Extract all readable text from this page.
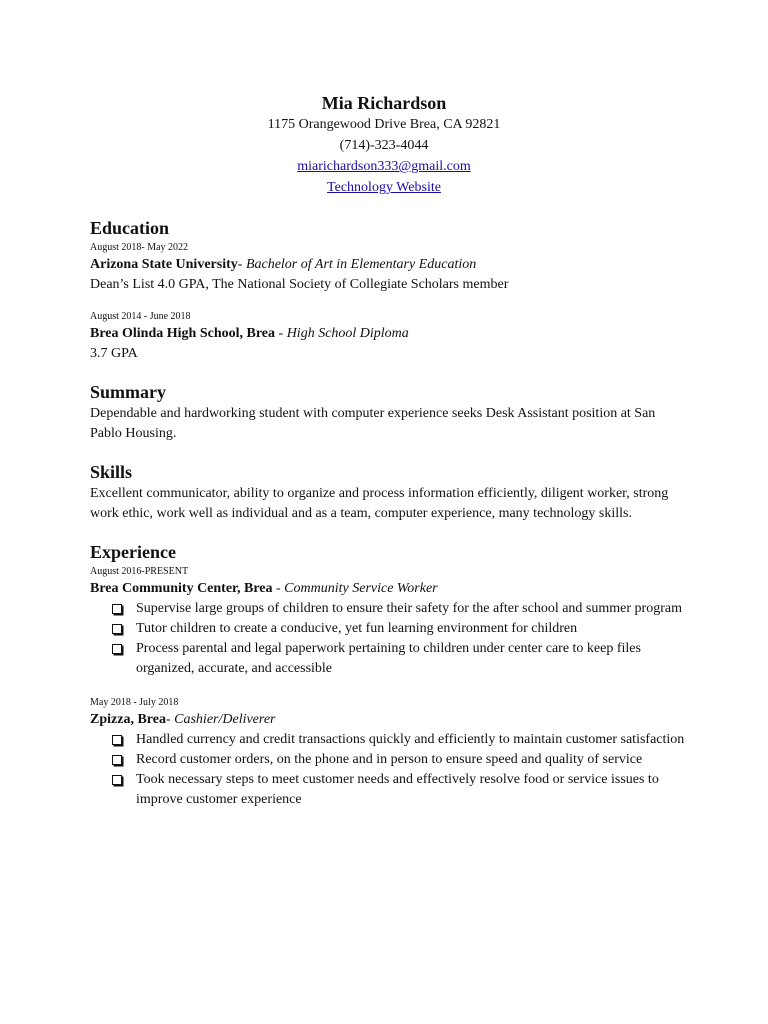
Mia Richardson
1175 Orangewood Drive Brea, CA 92821
(714)-323-4044
miarichardson333@gmail.com
Technology Website
Education
August 2018- May 2022
Arizona State University- Bachelor of Art in Elementary Education
Dean’s List 4.0 GPA, The National Society of Collegiate Scholars member
August 2014 - June 2018
Brea Olinda High School, Brea - High School Diploma
3.7 GPA
Summary
Dependable and hardworking student with computer experience seeks Desk Assistant position at San Pablo Housing.
Skills
Excellent communicator, ability to organize and process information efficiently, diligent worker, strong work ethic, work well as individual and as a team, computer experience, many technology skills.
Experience
August 2016-PRESENT
Brea Community Center, Brea - Community Service Worker
Supervise large groups of children to ensure their safety for the after school and summer program
Tutor children to create a conducive, yet fun learning environment for children
Process parental and legal paperwork pertaining to children under center care to keep files organized, accurate, and accessible
May 2018 - July 2018
Zpizza, Brea- Cashier/Deliverer
Handled currency and credit transactions quickly and efficiently to maintain customer satisfaction
Record customer orders, on the phone and in person to ensure speed and quality of service
Took necessary steps to meet customer needs and effectively resolve food or service issues to improve customer experience
